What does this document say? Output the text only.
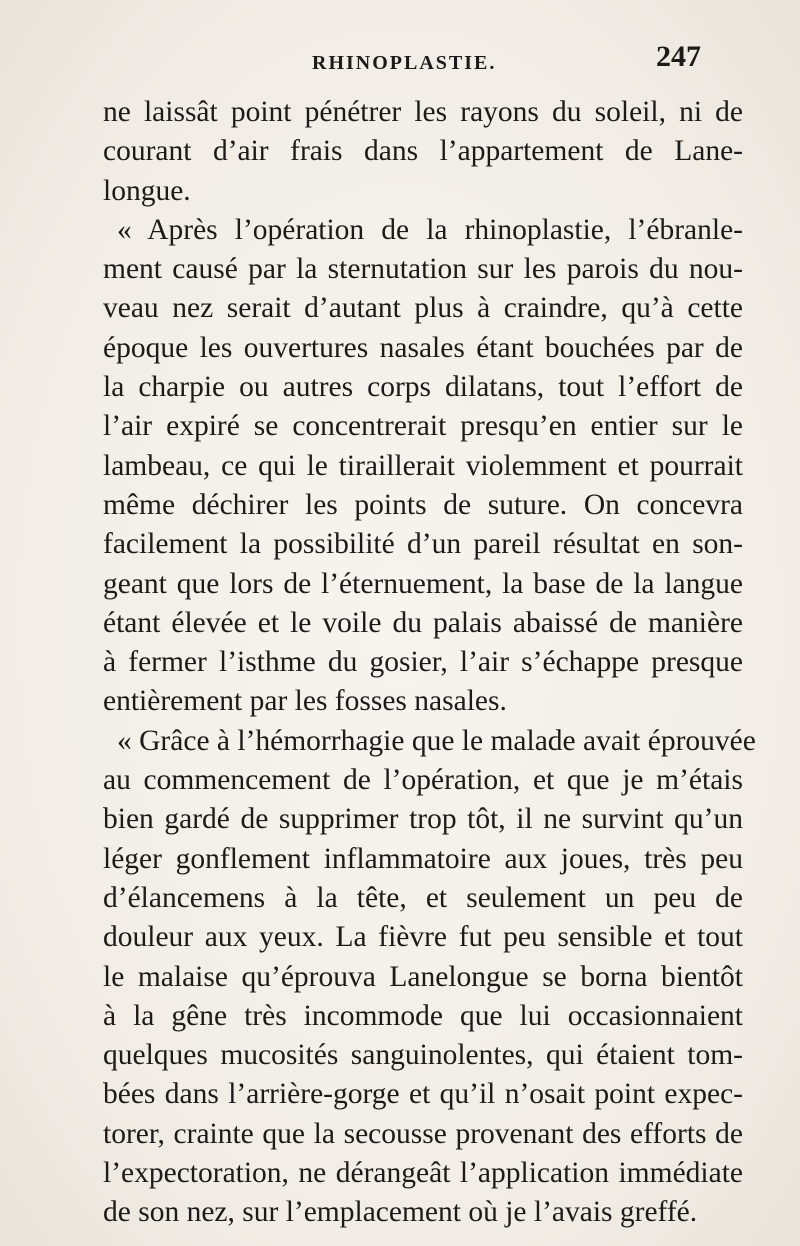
RHINOPLASTIE.	247
ne laissât point pénétrer les rayons du soleil, ni de
courant d’air frais dans l’appartement de Lane-
longue.
« Après l’opération de la rhinoplastie, l’ébranle-
ment causé par la sternutation sur les parois du nou-
veau nez serait d’autant plus à craindre, qu’à cette
époque les ouvertures nasales étant bouchées par de
la charpie ou autres corps dilatans, tout l’effort de
l’air expiré se concentrerait presqu’en entier sur le
lambeau, ce qui le tiraillerait violemment et pourrait
même déchirer les points de suture. On concevra
facilement la possibilité d’un pareil résultat en son-
geant que lors de l’éternuement, la base de la langue
étant élevée et le voile du palais abaissé de manière
à fermer l’isthme du gosier, l’air s’échappe presque
entièrement par les fosses nasales.
« Grâce à l’hémorrhagie que le malade avait éprouvée
au commencement de l’opération, et que je m’étais
bien gardé de supprimer trop tôt, il ne survint qu’un
léger gonflement inflammatoire aux joues, très peu
d’élancemens à la tête, et seulement un peu de
douleur aux yeux. La fièvre fut peu sensible et tout
le malaise qu’éprouva Lanelongue se borna bientôt
à la gêne très incommode que lui occasionnaient
quelques mucosités sanguinolentes, qui étaient tom-
bées dans l’arrière-gorge et qu’il n’osait point expec-
torer, crainte que la secousse provenant des efforts de
l’expectoration, ne dérangeât l’application immédiate
de son nez, sur l’emplacement où je l’avais greffé.
